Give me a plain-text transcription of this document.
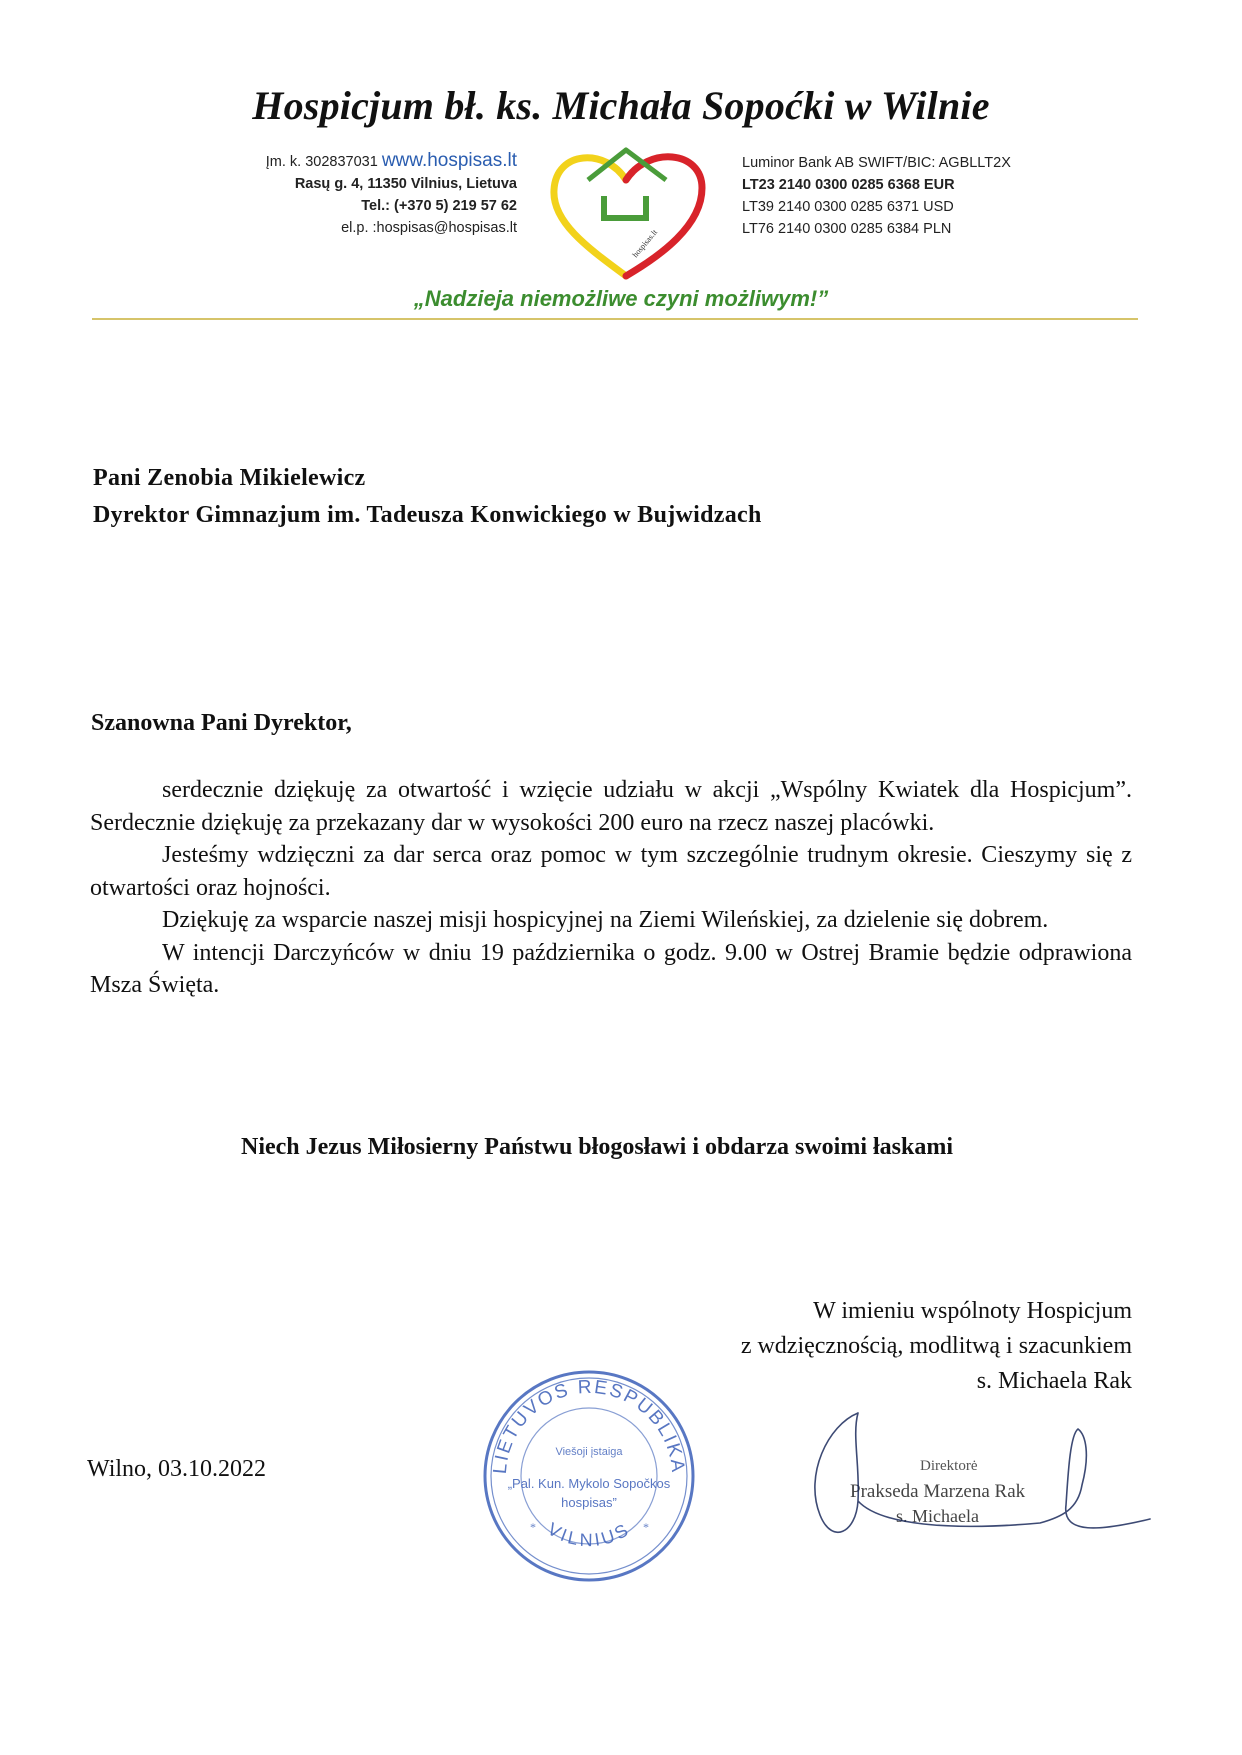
Hospicjum bł. ks. Michała Sopoćki w Wilnie
Įm. k. 302837031 www.hospisas.lt
Rasų g. 4, 11350 Vilnius, Lietuva
Tel.: (+370 5) 219 57 62
el.p. :hospisas@hospisas.lt	hospisas.lt
Luminor Bank AB SWIFT/BIC: AGBLLT2X
LT23 2140 0300 0285 6368 EUR
LT39 2140 0300 0285 6371 USD
LT76 2140 0300 0285 6384 PLN
„Nadzieja niemożliwe czyni możliwym!”
Pani Zenobia Mikielewicz
Dyrektor Gimnazjum im. Tadeusza Konwickiego w Bujwidzach
Szanowna Pani Dyrektor,

serdecznie dziękuję za otwartość i wzięcie udziału w akcji „Wspólny Kwiatek dla Hospicjum”. Serdecznie dziękuję za przekazany dar w wysokości 200 euro na rzecz naszej placówki.

Jesteśmy wdzięczni za dar serca oraz pomoc w tym szczególnie trudnym okresie. Cieszymy się z otwartości oraz hojności.

Dziękuję za wsparcie naszej misji hospicyjnej na Ziemi Wileńskiej, za dzielenie się dobrem.

W intencji Darczyńców w dniu 19 października o godz. 9.00 w Ostrej Bramie będzie odprawiona Msza Święta.

Niech Jezus Miłosierny Państwu błogosławi i obdarza swoimi łaskami
W imieniu wspólnoty Hospicjum
z wdzięcznością, modlitwą i szacunkiem
s. Michaela Rak
Wilno, 03.10.2022	LIETUVOS RESPUBLIKA
VILNIUS
Viešoji įstaiga
„Pal. Kun. Mykolo Sopočkos
hospisas”
*	*
Direktorė
Prakseda Marzena Rak
s. Michaela
